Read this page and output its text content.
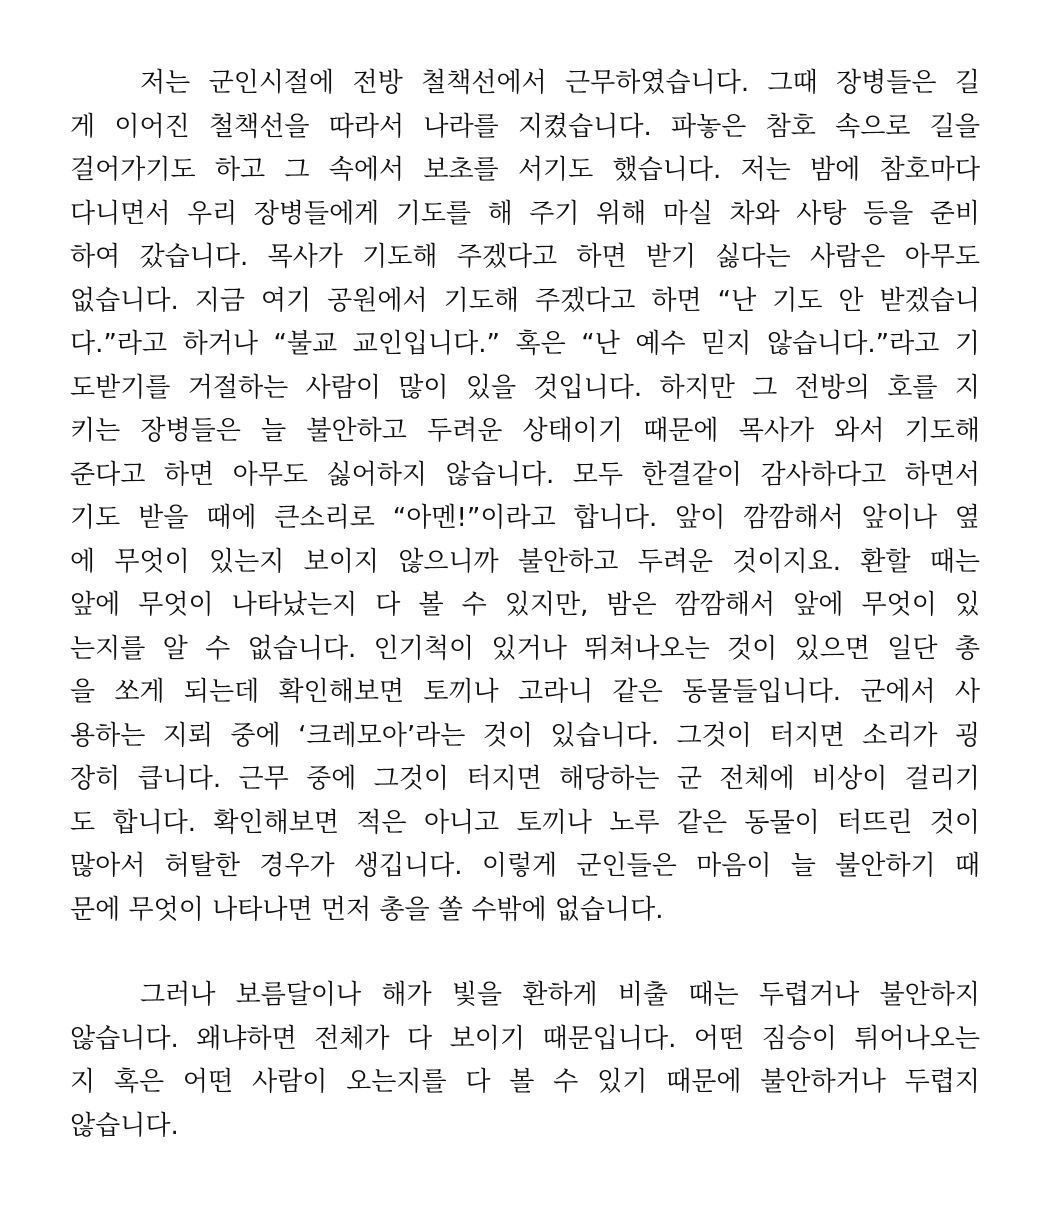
저는 군인시절에 전방 철책선에서 근무하였습니다. 그때 장병들은 길
게 이어진 철책선을 따라서 나라를 지켰습니다. 파놓은 참호 속으로 길을
걸어가기도 하고 그 속에서 보초를 서기도 했습니다. 저는 밤에 참호마다
다니면서 우리 장병들에게 기도를 해 주기 위해 마실 차와 사탕 등을 준비
하여 갔습니다. 목사가 기도해 주겠다고 하면 받기 싫다는 사람은 아무도
없습니다. 지금 여기 공원에서 기도해 주겠다고 하면 “난 기도 안 받겠습니
다.”라고 하거나 “불교 교인입니다.” 혹은 “난 예수 믿지 않습니다.”라고 기
도받기를 거절하는 사람이 많이 있을 것입니다. 하지만 그 전방의 호를 지
키는 장병들은 늘 불안하고 두려운 상태이기 때문에 목사가 와서 기도해
준다고 하면 아무도 싫어하지 않습니다. 모두 한결같이 감사하다고 하면서
기도 받을 때에 큰소리로 “아멘!”이라고 합니다. 앞이 깜깜해서 앞이나 옆
에 무엇이 있는지 보이지 않으니까 불안하고 두려운 것이지요. 환할 때는
앞에 무엇이 나타났는지 다 볼 수 있지만, 밤은 깜깜해서 앞에 무엇이 있
는지를 알 수 없습니다. 인기척이 있거나 뛰쳐나오는 것이 있으면 일단 총
을 쏘게 되는데 확인해보면 토끼나 고라니 같은 동물들입니다. 군에서 사
용하는 지뢰 중에 ‘크레모아’라는 것이 있습니다. 그것이 터지면 소리가 굉
장히 큽니다. 근무 중에 그것이 터지면 해당하는 군 전체에 비상이 걸리기
도 합니다. 확인해보면 적은 아니고 토끼나 노루 같은 동물이 터뜨린 것이
많아서 허탈한 경우가 생깁니다. 이렇게 군인들은 마음이 늘 불안하기 때
문에 무엇이 나타나면 먼저 총을 쏠 수밖에 없습니다.
그러나 보름달이나 해가 빛을 환하게 비출 때는 두렵거나 불안하지
않습니다. 왜냐하면 전체가 다 보이기 때문입니다. 어떤 짐승이 튀어나오는
지 혹은 어떤 사람이 오는지를 다 볼 수 있기 때문에 불안하거나 두렵지
않습니다.
